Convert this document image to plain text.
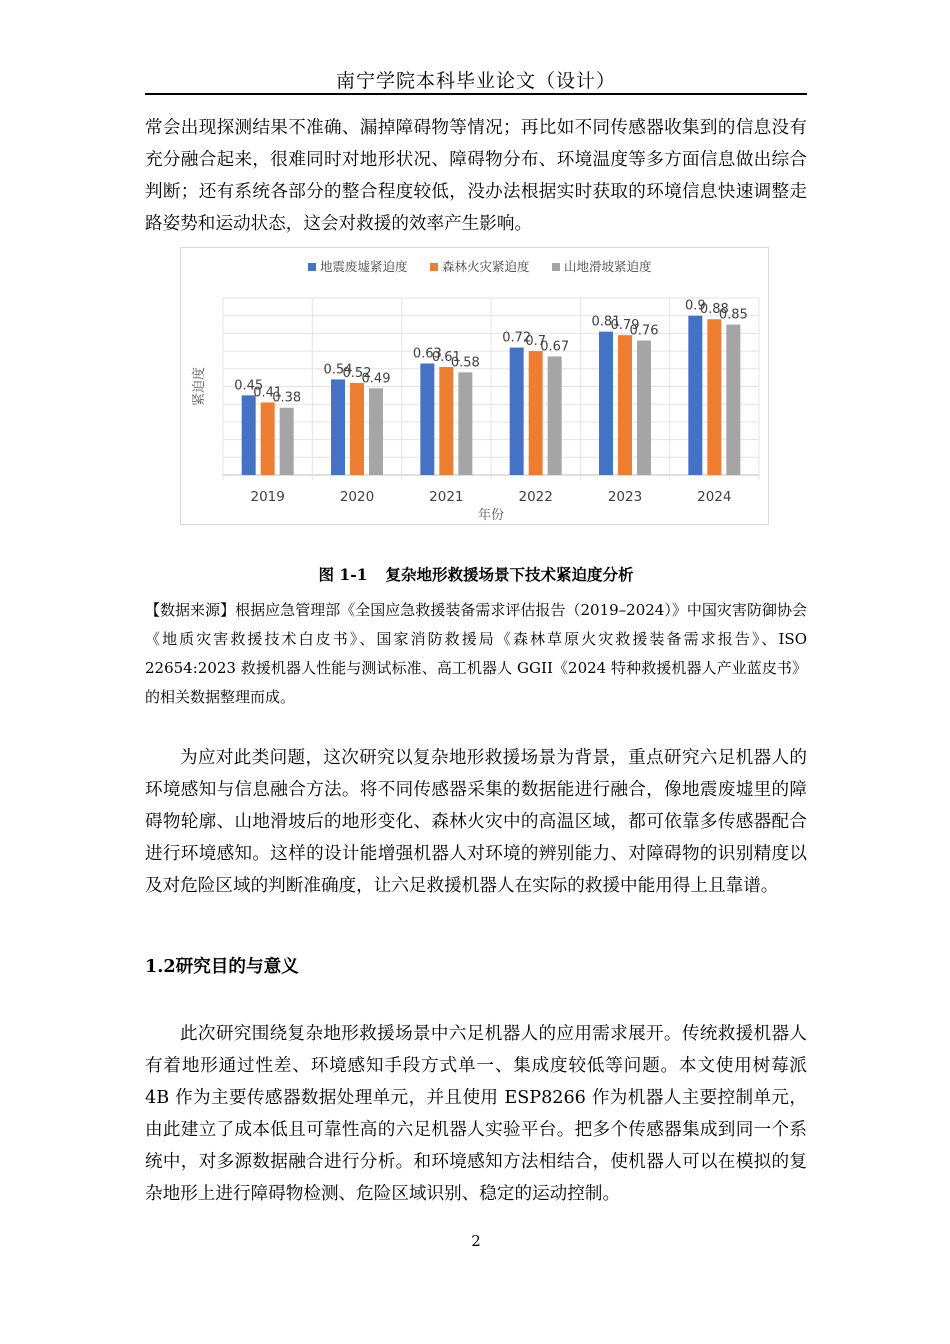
南宁学院本科毕业论文（设计）

常会出现探测结果不准确、漏掉障碍物等情况；再比如不同传感器收集到的信息没有充分融合起来，很难同时对地形状况、障碍物分布、环境温度等多方面信息做出综合判断；还有系统各部分的整合程度较低，没办法根据实时获取的环境信息快速调整走路姿势和运动状态，这会对救援的效率产生影响。

地震废墟紧迫度	森林火灾紧迫度	山地滑坡紧迫度
0.45
0.41
0.38
2019
0.54
0.52
0.49
2020
0.63
0.61
0.58
2021
0.72
0.7
0.67
2022
0.81
0.79
0.76
2023
0.9
0.88
0.85
2024
年份
紧迫度
图 1-1 复杂地形救援场景下技术紧迫度分析

【数据来源】根据应急管理部《全国应急救援装备需求评估报告（2019–2024）》中国灾害防御协会《地质灾害救援技术白皮书》、国家消防救援局《森林草原火灾救援装备需求报告》、ISO 22654:2023 救援机器人性能与测试标准、高工机器人 GGII《2024 特种救援机器人产业蓝皮书》的相关数据整理而成。

为应对此类问题，这次研究以复杂地形救援场景为背景，重点研究六足机器人的环境感知与信息融合方法。将不同传感器采集的数据能进行融合，像地震废墟里的障碍物轮廓、山地滑坡后的地形变化、森林火灾中的高温区域，都可依靠多传感器配合进行环境感知。这样的设计能增强机器人对环境的辨别能力、对障碍物的识别精度以及对危险区域的判断准确度，让六足救援机器人在实际的救援中能用得上且靠谱。

1.2研究目的与意义

此次研究围绕复杂地形救援场景中六足机器人的应用需求展开。传统救援机器人有着地形通过性差、环境感知手段方式单一、集成度较低等问题。本文使用树莓派 4B 作为主要传感器数据处理单元，并且使用 ESP8266 作为机器人主要控制单元，由此建立了成本低且可靠性高的六足机器人实验平台。把多个传感器集成到同一个系统中，对多源数据融合进行分析。和环境感知方法相结合，使机器人可以在模拟的复杂地形上进行障碍物检测、危险区域识别、稳定的运动控制。

2
